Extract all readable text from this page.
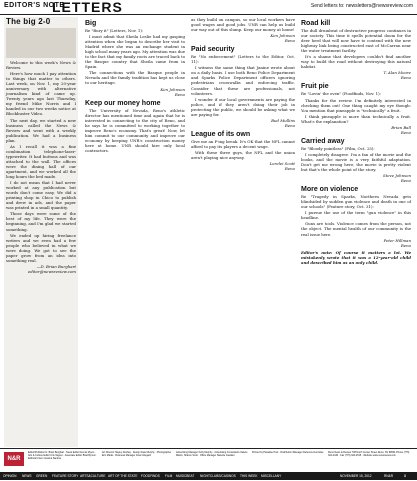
EDITOR'S NOTE
LETTERS	Send letters to: newsletters@newsreview.com
The big 2-0

Welcome to this week's News & Review.

Here's how much I pay attention to things that matter to others. Last week, on Nov. 1, my 20-year anniversary with alternative journalism kind of came up. Twenty years ago last Thursday, my friend Mike Norris and I handed in our two weeks notice at Blockbuster Video.

The next day, we started a new business called the News & Review and went with a weekly publication. We had a business plan.

As I recall it was a fine combination telephone-laser-typewriter. It had buttons and was attached to the wall. The offices were the dining hall of our apartment, and we worked all the long hours the bed made.

I do not mean that I had never worked at any publication but words don't come easy. We did a printing shop in Chico to publish and drew in ads, and the paper was printed in a small quantity.

Those days were some of the best of my life. They were the beginning, and I'm glad we started something.

We ended up hiring freelance writers and we even had a few people who believed in what we were doing. We got to see the paper grow from an idea into something real.

—D. Brian Burghart
editor@newsreview.com
Big

Re "Bury it" (Letters, Nov. 1):

I must admit that Sheila Leslie had my gasping attention when she began to describe her visit to Madrid where she was an exchange student in high school many years ago. My attention was due to the fact that my family roots are traced back to the Basque country that Sheila came from in Spain.

The connections with the Basque people in Nevada and the family tradition has kept us close to our heritage.

Ken Johnson
Reno
Keep our money home

The University of Nevada, Reno's athletic director has mentioned time and again that he is interested in connecting to the city of Reno, and he says he is committed to working together to improve Reno's economy. That's great! Now, let him commit to our community and improve our economy by keeping UNR's construction money here at home. UNR should hire only local contractors.

as they build on campus, so our local workers have good wages and good jobs. UNR can help us build our way out of this slump. Keep our money at home!

Ken Johnson
Reno
Paid security

Re "No enforcement" (Letters to the Editor, Oct. 11):

I witness the same thing that Janine wrote about on a daily basis. I use both Reno Police Department and Sparks Police Department officers ignoring pedestrians crosswalks and enforcing traffic. Consider that these are professionals, not volunteers.

I wonder if our local governments are paying the police, and if they aren't doing their job in protecting the public, we should be asking what we are paying for.

Bud Mullins
Reno
League of its own

Give me an F-ing break. It's OK that the NFL cannot afford to pay its players a decent wage.

With these three guys, the NFL and the union aren't playing nice anyway.

Lorelei Scott
Reno
Road kill

The dull drumbeat of destructive progress continues in our society. This time it spells potential doom for the deer herd that will now have to contend with the new highway link being constructed east of McCarran near the water treatment facility.

It's a shame that developers couldn't find another way to build the road without destroying this natural habitat.

T. Alan Moore
Reno
Fruit pie

Re "Lovin' the oven" (Foodfinds, Nov. 1):

Thanks for the review. I'm definitely interested in checking them out! One thing caught my eye though: You mention that pineapple is "technically" a fruit.

I think pineapple is more than technically a fruit. What's the explanation?

Brian Ball
Reno
Carried away

Re "Bloody pointless" (Film, Oct. 25):

I completely disagree. I'm a fan of the movie and the books, and the movie is a very faithful adaptation. Don't get me wrong here, the movie is pretty violent but that's the whole point of the story.

Steve Johnson
Reno
More on violence

Re "Tragedy in Sparks, Northern Nevada gets blindsided by sudden gun violence and death in one of our schools" (Feature story, Oct. 31):

I pursue the use of the term "gun violence" in this headline.

Guns are tools. Violence comes from the person, not the object. The mental health of our community is the real issue here.

Peter Hillman
Reno

Editor's note: Of course it matters a lot. We mistakenly wrote that it was a 12-year-old child and described him as an only child.

Editor/Publisher D. Brian Burghart · News Editor Dennis Myers · Arts & Culture Editor Kris Vagner · Associate Editor Brad Bynum · Editorial Intern Jessica Santina
Art Director Hayley Doshay · Design Kate Murphy · Photographer Eric Marks · Business Manager Gina Odegard
Advertising Manager Kelly Murphy · Advertising Consultants Valerie Martin, Sharon Scott · Office Manager Nanette Cavalier
Printed by Paradise Post · Distribution Manager Rebecca Gonzales Reno News & Review 708 North Center Street Reno, NV 89501 Phone (775) 324-4440 · Fax (775) 324-2515 · Website www.newsreview.com
N&R
OPINION NEWS GREEN FEATURE STORY ARTS&CULTURE ART OF THE STATE FOODFINDS FILM MUSICBEAT NIGHTCLUBS/CASINOS THIS WEEK MISCELLANY	NOVEMBER 15, 2012	RN&R	3
